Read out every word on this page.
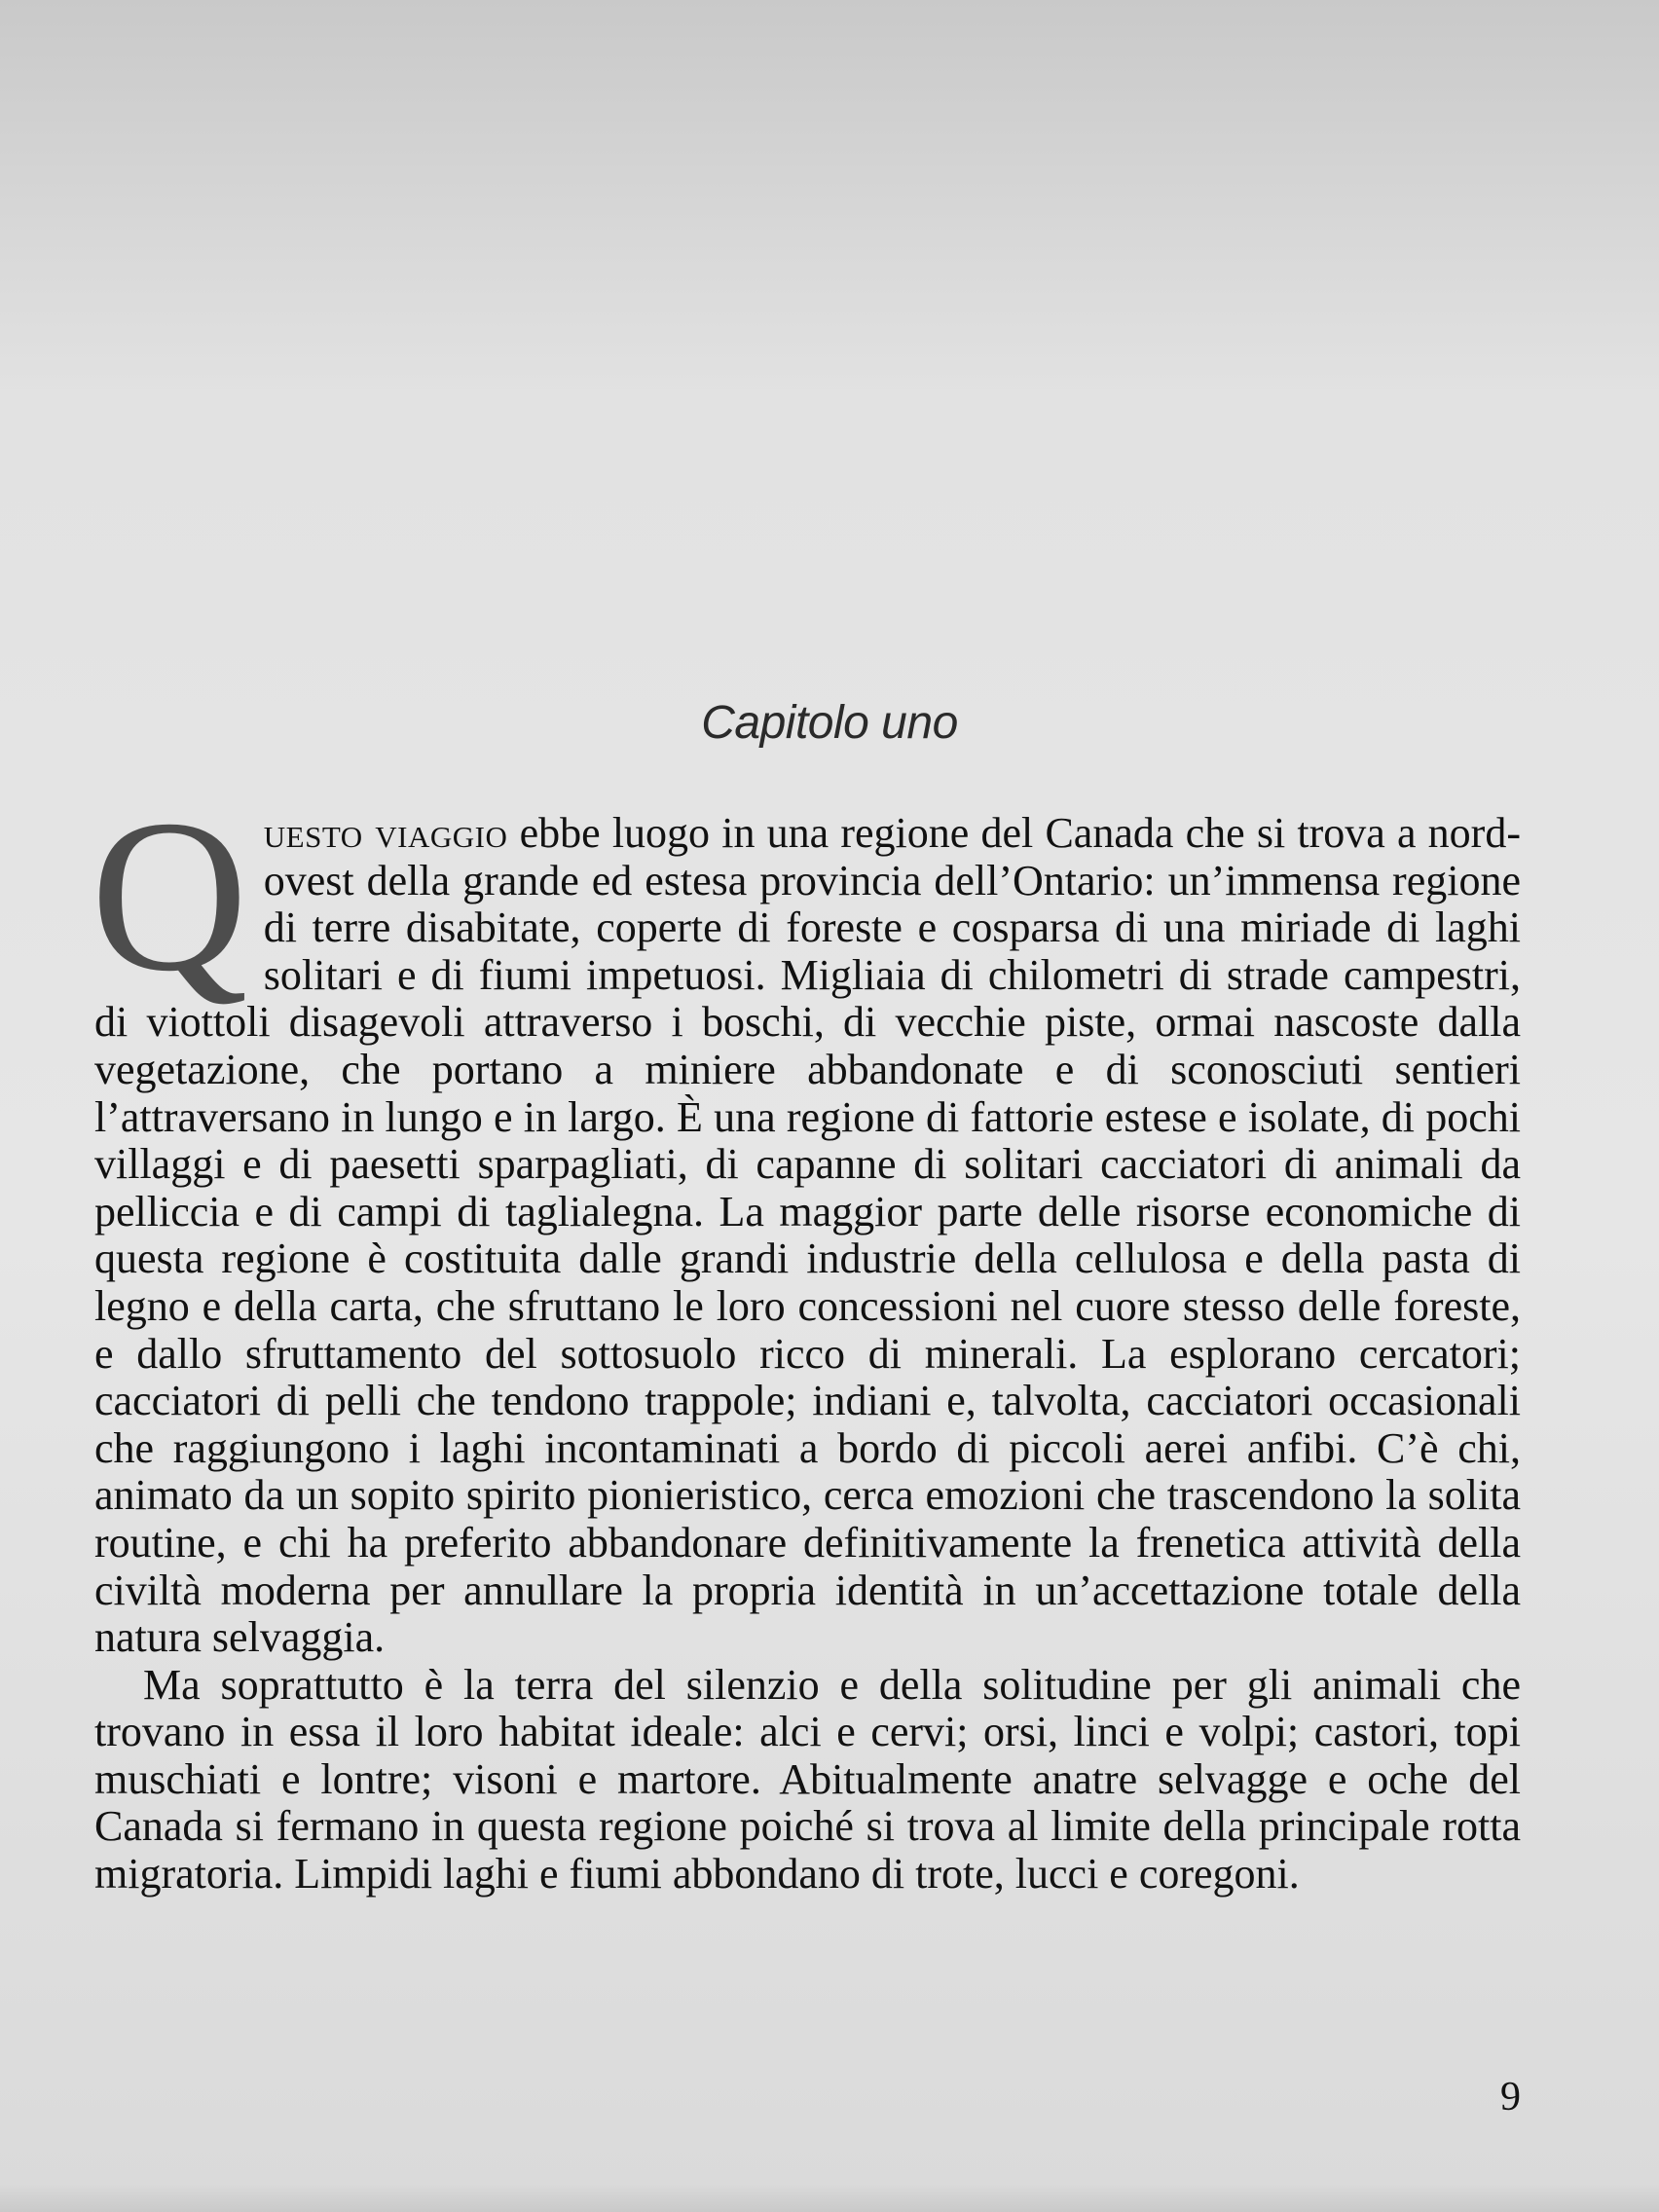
Capitolo uno

Questo viaggio ebbe luogo in una regione del Canada che si trova a nord-ovest della grande ed estesa provincia dell’Ontario: un’immensa regione di terre disabitate, coperte di foreste e cosparsa di una miriade di laghi solitari e di fiumi impetuosi. Migliaia di chilometri di strade campestri, di viottoli disagevoli attraverso i boschi, di vecchie piste, ormai nascoste dalla vegetazione, che portano a miniere abbandonate e di sconosciuti sentieri l’attraversano in lungo e in largo. È una regione di fattorie estese e isolate, di pochi villaggi e di paesetti sparpagliati, di capanne di solitari cacciatori di animali da pelliccia e di campi di taglialegna. La maggior parte delle risorse economiche di questa regione è costituita dalle grandi industrie della cellulosa e della pasta di legno e della carta, che sfruttano le loro concessioni nel cuore stesso delle foreste, e dallo sfruttamento del sottosuolo ricco di minerali. La esplorano cercatori; cacciatori di pelli che tendono trappole; indiani e, talvolta, cacciatori occasionali che raggiungono i laghi incontaminati a bordo di piccoli aerei anfibi. C’è chi, animato da un sopito spirito pionieristico, cerca emozioni che trascendono la solita routine, e chi ha preferito abbandonare definitivamente la frenetica attività della civiltà moderna per annullare la propria identità in un’accettazione totale della natura selvaggia.

Ma soprattutto è la terra del silenzio e della solitudine per gli animali che trovano in essa il loro habitat ideale: alci e cervi; orsi, linci e volpi; castori, topi muschiati e lontre; visoni e martore. Abitualmente anatre selvagge e oche del Canada si fermano in questa regione poiché si trova al limite della principale rotta migratoria. Limpidi laghi e fiumi abbondano di trote, lucci e coregoni.

9
